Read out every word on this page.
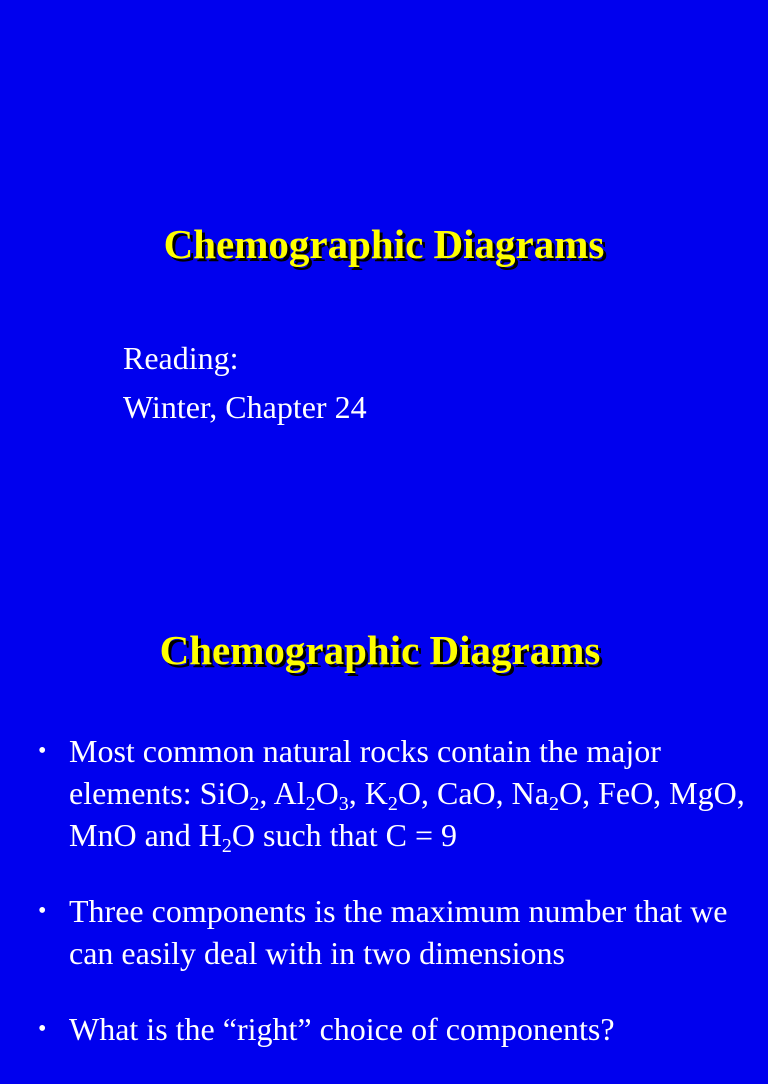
Chemographic Diagrams
Reading:
Winter, Chapter 24
Chemographic Diagrams
• Most common natural rocks contain the major elements: SiO$_2$, $Al_2O_3$, $K_2O$, CaO, $Na_2O$, FeO, MgO, MnO and $H_2O$ such that C = 9
• Three components is the maximum number that we can easily deal with in two dimensions
• What is the “right” choice of components?
